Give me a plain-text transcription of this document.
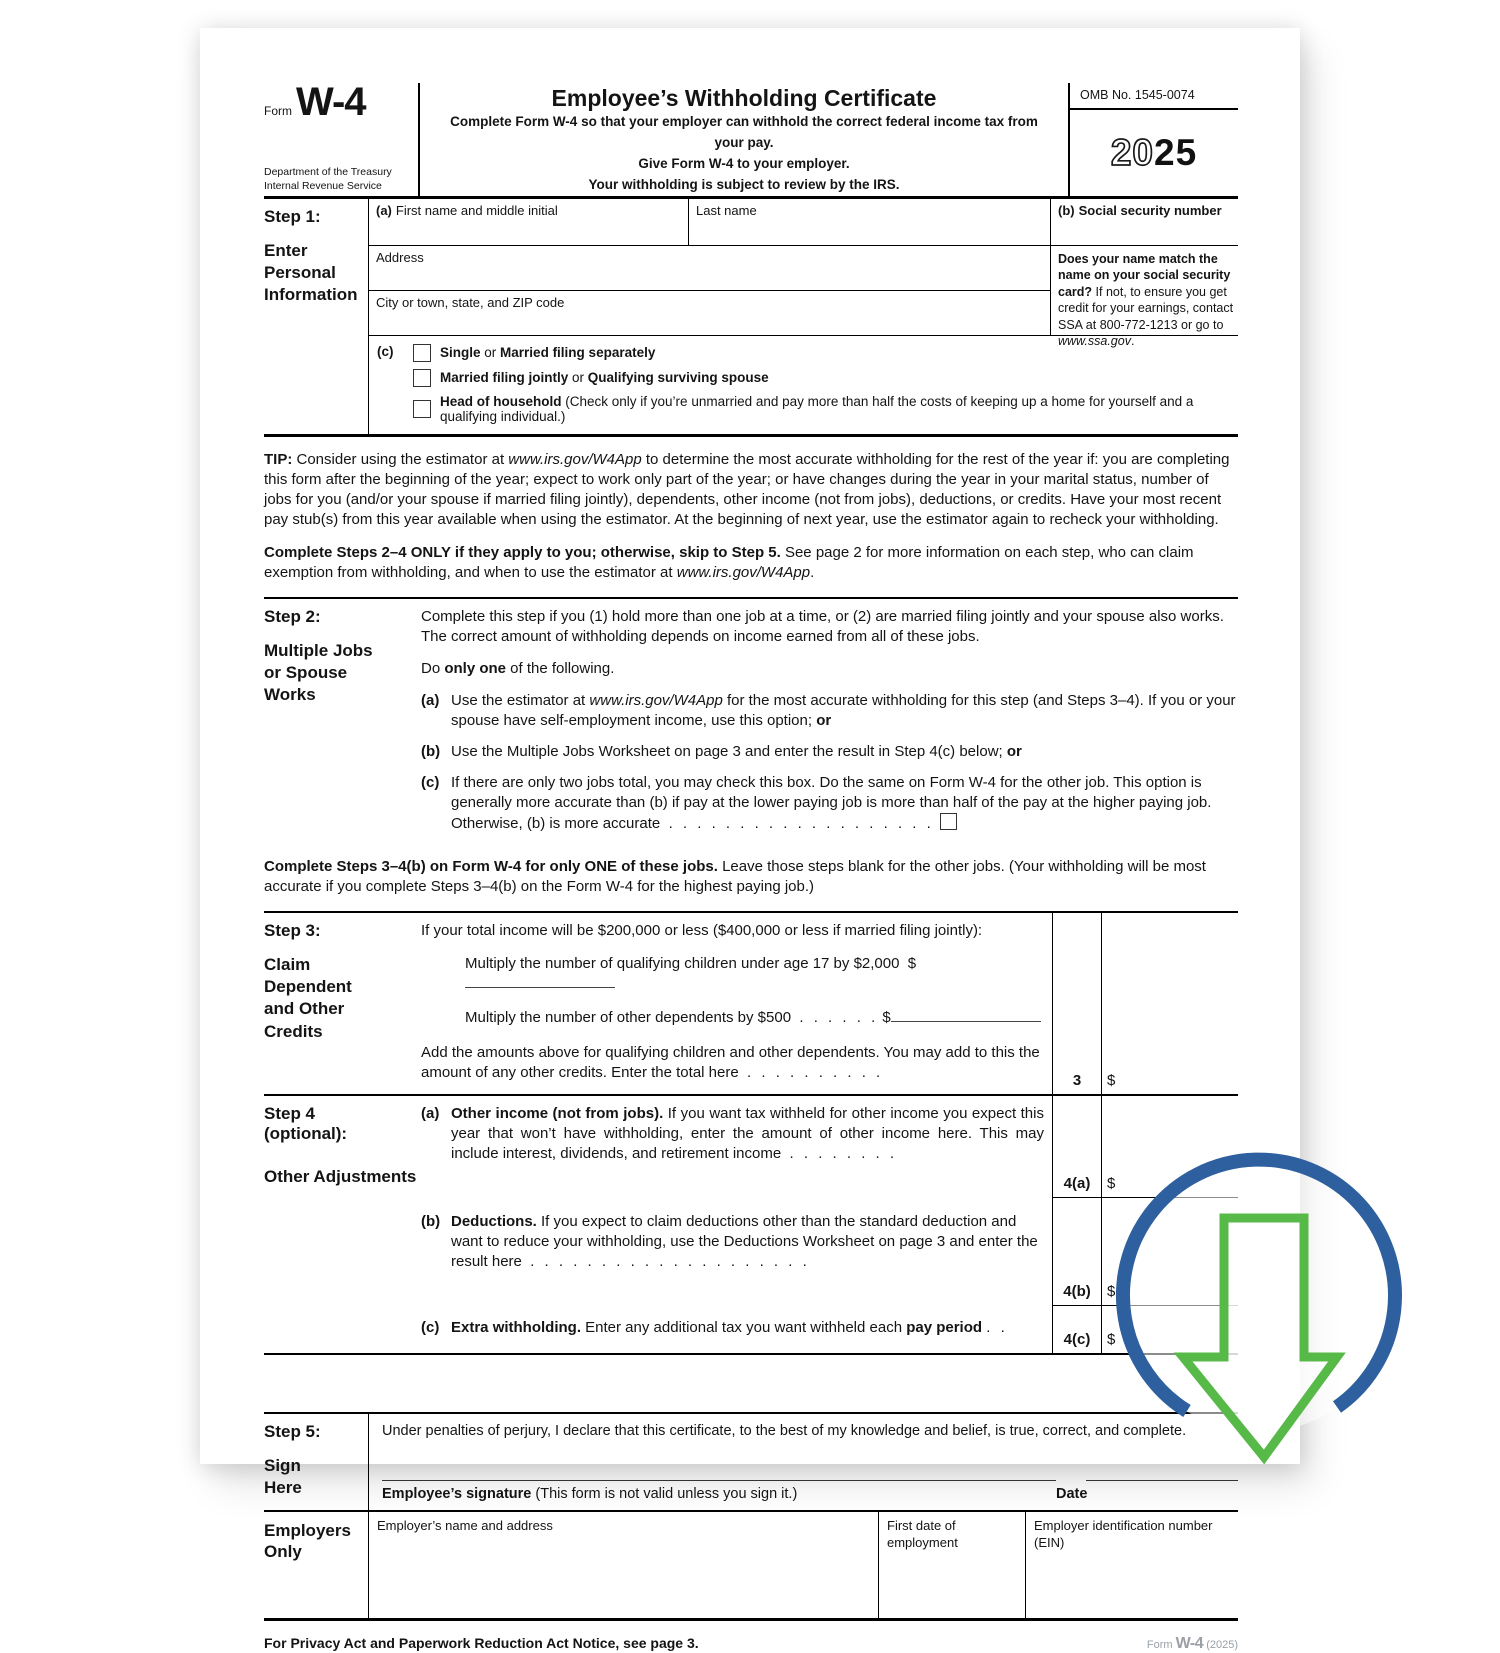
Form W-4
Department of the Treasury
Internal Revenue Service
Employee’s Withholding Certificate
Complete Form W-4 so that your employer can withhold the correct federal income tax from your pay.
Give Form W-4 to your employer.
Your withholding is subject to review by the IRS.
OMB No. 1545-0074
20 25
Step 1:
Enter Personal Information
(a) First name and middle initial	Last name	(b) Social security number
Address	Does your name match the name on your social security card? If not, to ensure you get credit for your earnings, contact SSA at 800-772-1213 or go to www.ssa.gov.
City or town, state, and ZIP code
(c)	Single or Married filing separately
Married filing jointly or Qualifying surviving spouse
Head of household (Check only if you’re unmarried and pay more than half the costs of keeping up a home for yourself and a qualifying individual.)

TIP: Consider using the estimator at www.irs.gov/W4App to determine the most accurate withholding for the rest of the year if: you are completing this form after the beginning of the year; expect to work only part of the year; or have changes during the year in your marital status, number of jobs for you (and/or your spouse if married filing jointly), dependents, other income (not from jobs), deductions, or credits. Have your most recent pay stub(s) from this year available when using the estimator. At the beginning of next year, use the estimator again to recheck your withholding.

Complete Steps 2–4 ONLY if they apply to you; otherwise, skip to Step 5. See page 2 for more information on each step, who can claim exemption from withholding, and when to use the estimator at www.irs.gov/W4App.

Step 2:
Multiple Jobs or Spouse Works

Complete this step if you (1) hold more than one job at a time, or (2) are married filing jointly and your spouse also works. The correct amount of withholding depends on income earned from all of these jobs.

Do only one of the following.

(a) Use the estimator at www.irs.gov/W4App for the most accurate withholding for this step (and Steps 3–4). If you or your spouse have self-employment income, use this option; or
(b) Use the Multiple Jobs Worksheet on page 3 and enter the result in Step 4(c) below; or
(c) If there are only two jobs total, you may check this box. Do the same on Form W-4 for the other job. This option is generally more accurate than (b) if pay at the lower paying job is more than half of the pay at the higher paying job. Otherwise, (b) is more accurate . . . . . . . . . . . . . . . . . . .

Complete Steps 3–4(b) on Form W-4 for only ONE of these jobs. Leave those steps blank for the other jobs. (Your withholding will be most accurate if you complete Steps 3–4(b) on the Form W-4 for the highest paying job.)

Step 3:
Claim Dependent and Other Credits

If your total income will be $200,000 or less ($400,000 or less if married filing jointly):

Multiply the number of qualifying children under age 17 by $2,000 $
Multiply the number of other dependents by $500 . . . . . . $
Add the amounts above for qualifying children and other dependents. You may add to this the amount of any other credits. Enter the total here . . . . . . . . . .	3 $
Step 4
(optional):
Other Adjustments
(a) Other income (not from jobs). If you want tax withheld for other income you expect this year that won’t have withholding, enter the amount of other income here. This may include interest, dividends, and retirement income . . . . . . . .
4(a) $
(b) Deductions. If you expect to claim deductions other than the standard deduction and want to reduce your withholding, use the Deductions Worksheet on page 3 and enter the result here . . . . . . . . . . . . . . . . . . . .
4(b) $
(c) Extra withholding. Enter any additional tax you want withheld each pay period . .
4(c) $
Step 5:
Sign Here
Under penalties of perjury, I declare that this certificate, to the best of my knowledge and belief, is true, correct, and complete.
Employee’s signature (This form is not valid unless you sign it.)	Date
Employers Only
Employer’s name and address	First date of employment
Employer identification number (EIN)
For Privacy Act and Paperwork Reduction Act Notice, see page 3.	Form W-4 (2025)
